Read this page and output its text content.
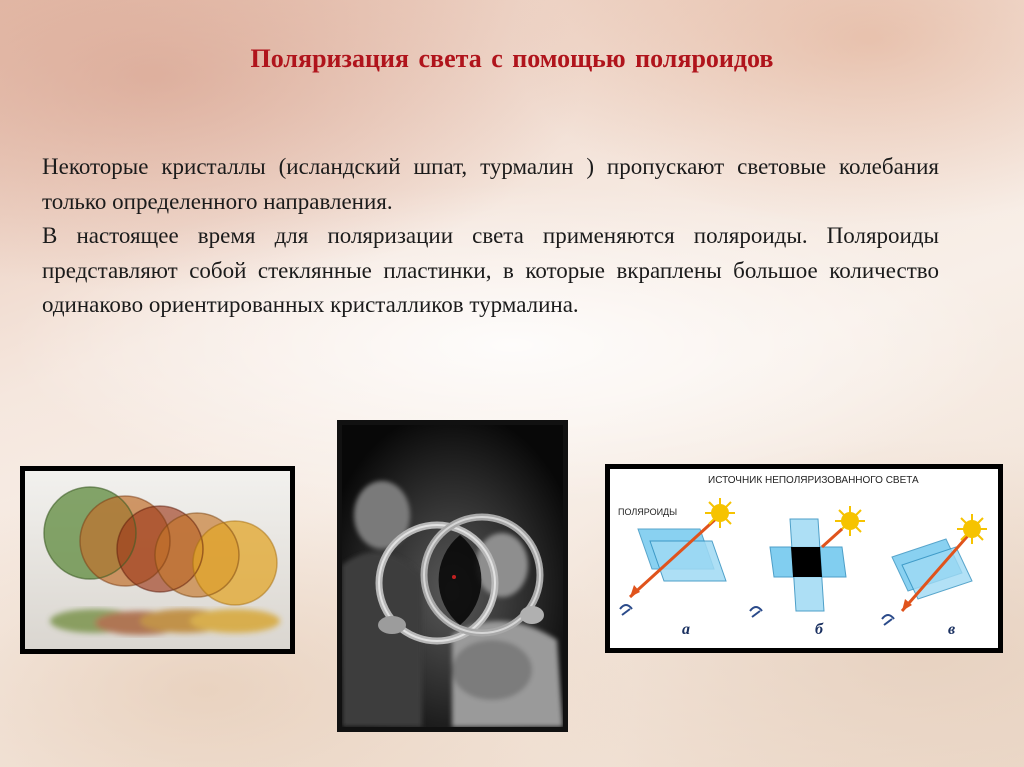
Поляризация света с помощью поляроидов

Некоторые кристаллы (исландский шпат, турмалин ) пропускают световые колебания только определенного направления.

В настоящее время для поляризации света применяются поляроиды. Поляроиды представляют собой стеклянные пластинки, в которые вкраплены большое количество одинаково ориентированных кристалликов турмалина.

ИСТОЧНИК НЕПОЛЯРИЗОВАННОГО СВЕТА
ПОЛЯРОИДЫ
а	б	в
